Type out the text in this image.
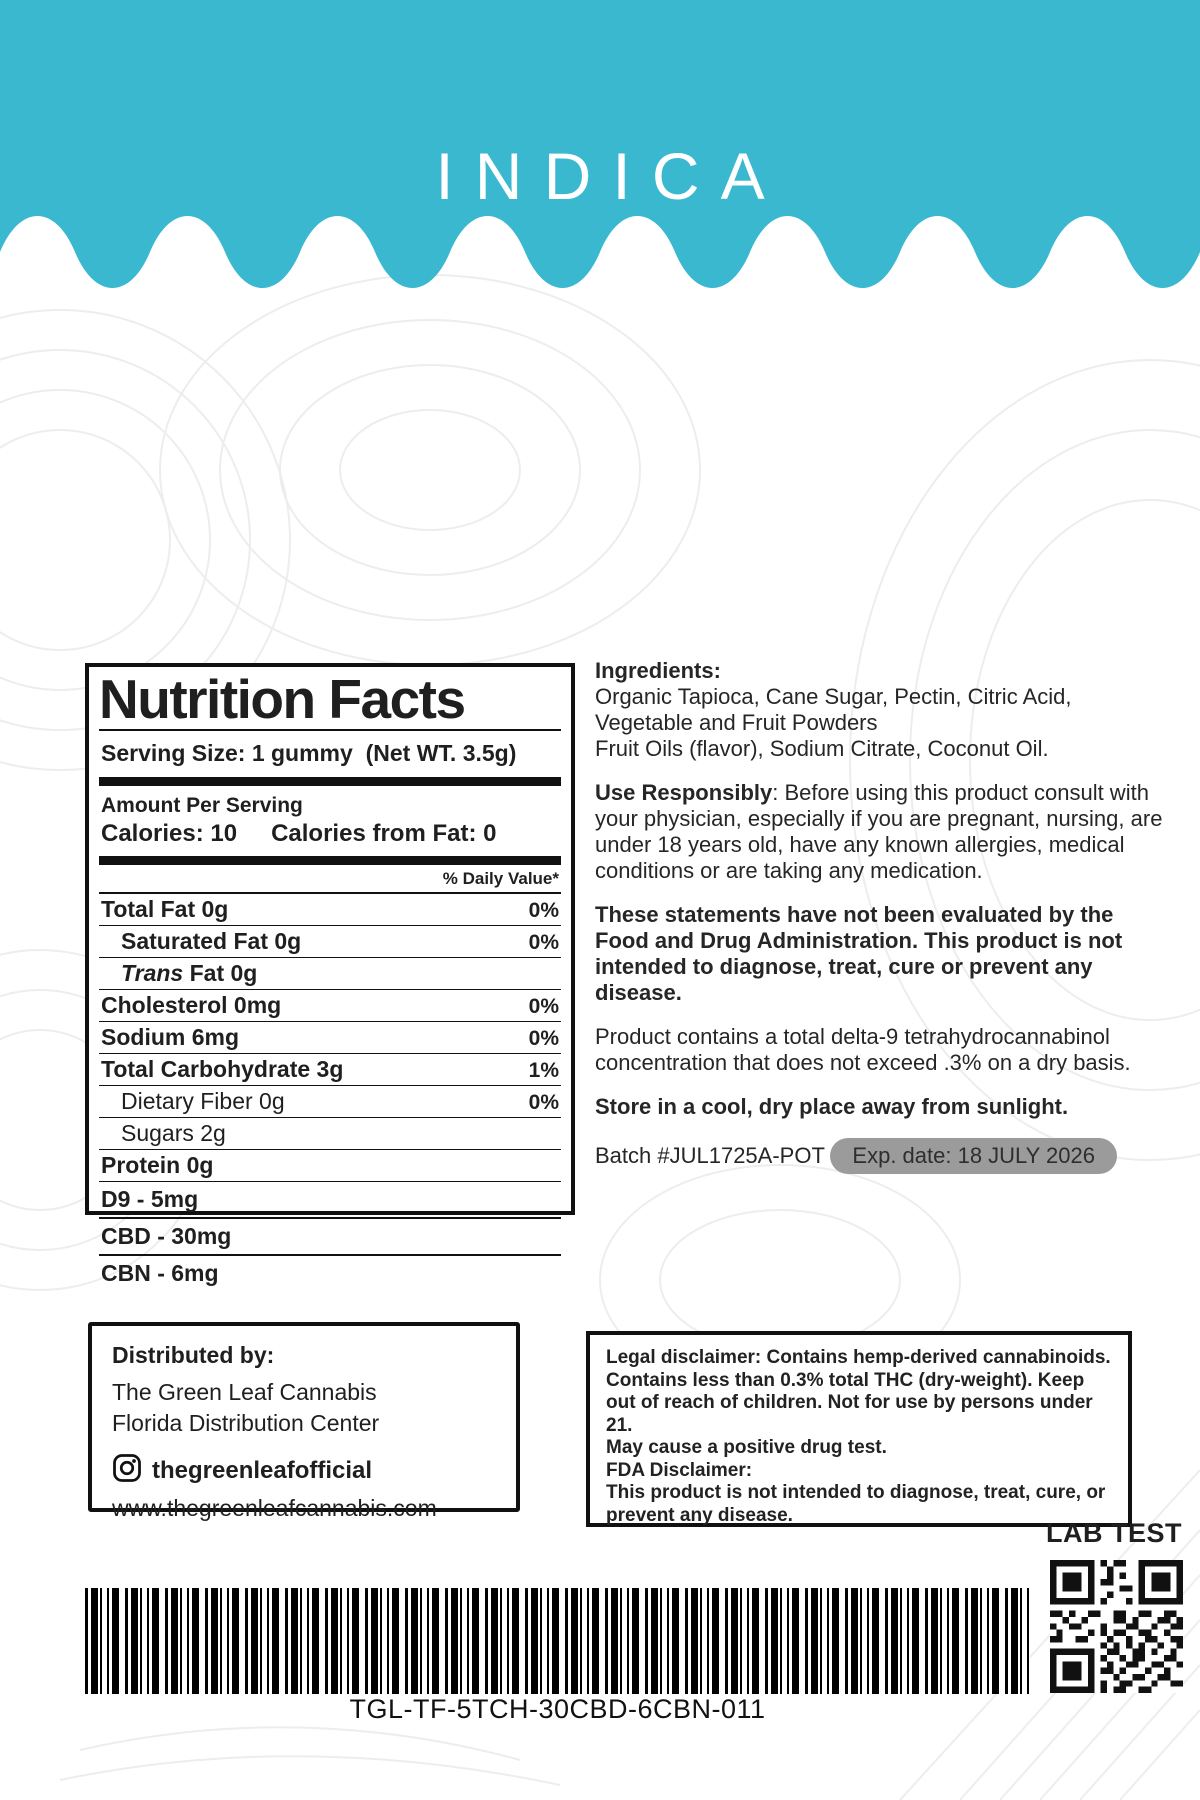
INDICA
Nutrition Facts
Serving Size: 1 gummy (Net WT. 3.5g)
Amount Per Serving
Calories: 10 Calories from Fat: 0
% Daily Value*
Total Fat 0g	0%
Saturated Fat 0g	0%
Trans Fat 0g
Cholesterol 0mg	0%
Sodium 6mg	0%
Total Carbohydrate 3g	1%
Dietary Fiber 0g	0%
Sugars 2g
Protein 0g
D9 - 5mg
CBD - 30mg
CBN - 6mg

Ingredients:
Organic Tapioca, Cane Sugar, Pectin, Citric Acid,
Vegetable and Fruit Powders
Fruit Oils (flavor), Sodium Citrate, Coconut Oil.

Use Responsibly: Before using this product consult with your physician, especially if you are pregnant, nursing, are under 18 years old, have any known allergies, medical conditions or are taking any medication.

These statements have not been evaluated by the Food and Drug Administration. This product is not intended to diagnose, treat, cure or prevent any disease.

Product contains a total delta-9 tetrahydrocannabinol concentration that does not exceed .3% on a dry basis.

Store in a cool, dry place away from sunlight.

Batch #JUL1725A-POT	Exp. date: 18 JULY 2026
Distributed by:
The Green Leaf Cannabis
Florida Distribution Center
thegreenleafofficial
www.thegreenleafcannabis.com

Legal disclaimer: Contains hemp-derived cannabinoids. Contains less than 0.3% total THC (dry-weight). Keep out of reach of children. Not for use by persons under 21.

May cause a positive drug test.

FDA Disclaimer:

This product is not intended to diagnose, treat, cure, or prevent any disease.

LAB TEST
TGL-TF-5TCH-30CBD-6CBN-011
